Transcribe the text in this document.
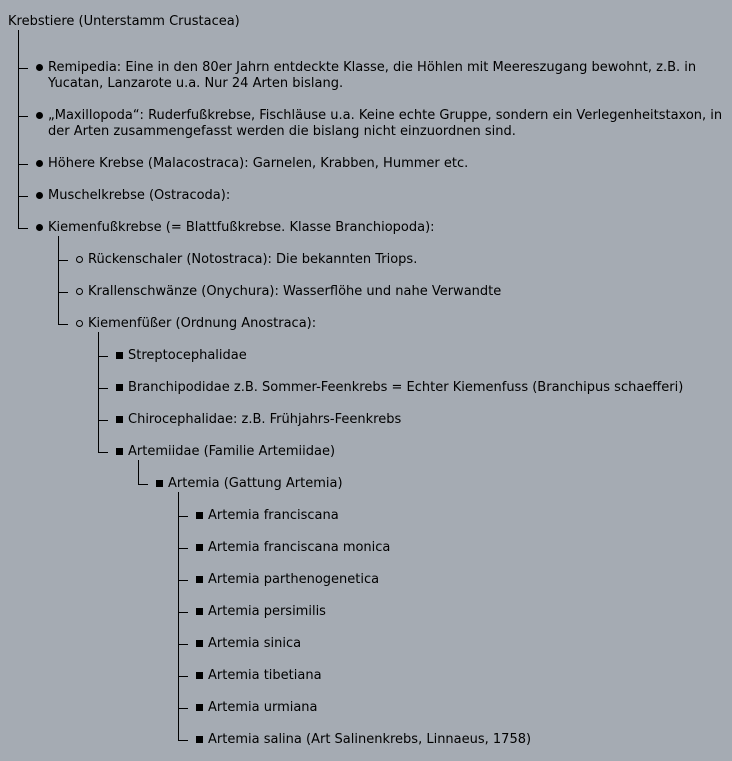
Krebstiere (Unterstamm Crustacea)
Remipedia: Eine in den 80er Jahrn entdeckte Klasse, die Höhlen mit Meereszugang bewohnt, z.B. in Yucatan, Lanzarote u.a. Nur 24 Arten bislang.
„Maxillopoda“: Ruderfußkrebse, Fischläuse u.a. Keine echte Gruppe, sondern ein Verlegenheitstaxon, in der Arten zusammengefasst werden die bislang nicht einzuordnen sind.
Höhere Krebse (Malacostraca): Garnelen, Krabben, Hummer etc.
Muschelkrebse (Ostracoda):
Kiemenfußkrebse (= Blattfußkrebse. Klasse Branchiopoda):
Rückenschaler (Notostraca): Die bekannten Triops.
Krallenschwänze (Onychura): Wasserflöhe und nahe Verwandte
Kiemenfüßer (Ordnung Anostraca):
Streptocephalidae
Branchipodidae z.B. Sommer-Feenkrebs = Echter Kiemenfuss (Branchipus schaefferi)
Chirocephalidae: z.B. Frühjahrs-Feenkrebs
Artemiidae (Familie Artemiidae)
Artemia (Gattung Artemia)
Artemia franciscana
Artemia franciscana monica
Artemia parthenogenetica
Artemia persimilis
Artemia sinica
Artemia tibetiana
Artemia urmiana
Artemia salina (Art Salinenkrebs, Linnaeus, 1758)
